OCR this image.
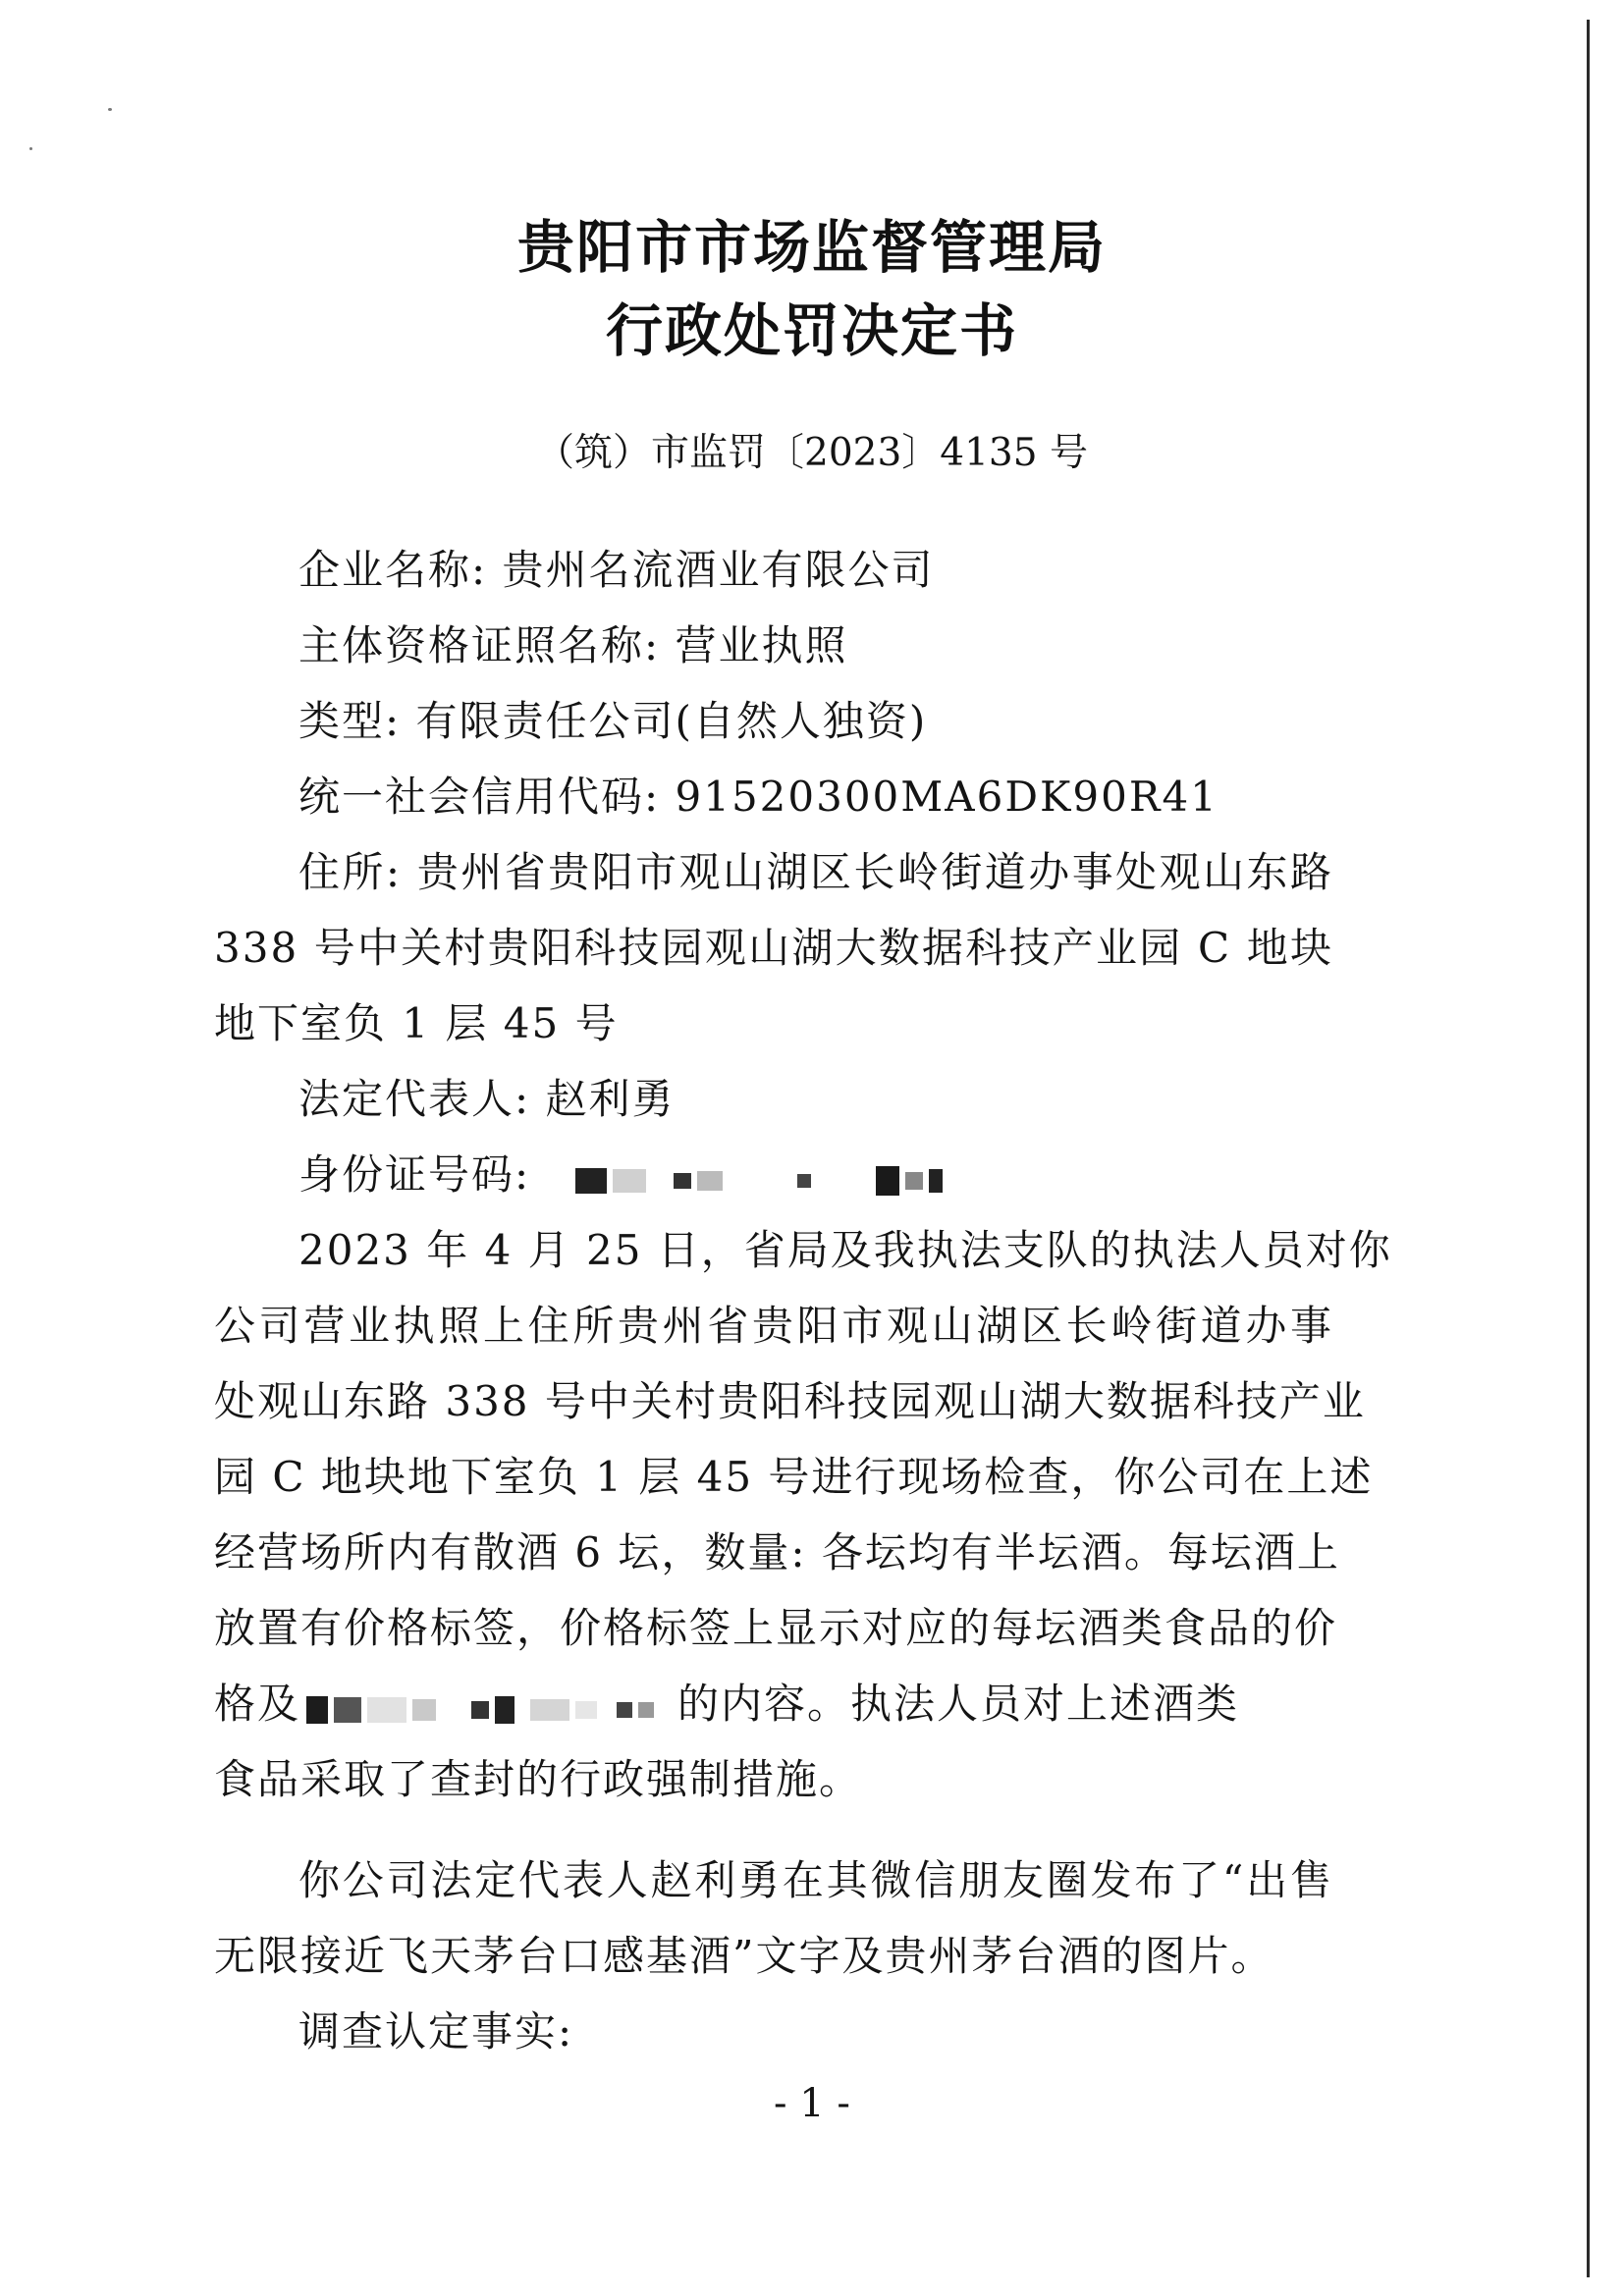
贵阳市市场监督管理局
行政处罚决定书
（筑）市监罚〔2023〕4135 号
企业名称: 贵州名流酒业有限公司
主体资格证照名称: 营业执照
类型: 有限责任公司(自然人独资)
统一社会信用代码: 91520300MA6DK90R41
住所: 贵州省贵阳市观山湖区长岭街道办事处观山东路
338 号中关村贵阳科技园观山湖大数据科技产业园 C 地块
地下室负 1 层 45 号
法定代表人: 赵利勇
身份证号码:
2023 年 4 月 25 日，省局及我执法支队的执法人员对你
公司营业执照上住所贵州省贵阳市观山湖区长岭街道办事
处观山东路 338 号中关村贵阳科技园观山湖大数据科技产业
园 C 地块地下室负 1 层 45 号进行现场检查，你公司在上述
经营场所内有散酒 6 坛，数量: 各坛均有半坛酒。每坛酒上
放置有价格标签，价格标签上显示对应的每坛酒类食品的价
格及	的内容。执法人员对上述酒类
食品采取了查封的行政强制措施。
你公司法定代表人赵利勇在其微信朋友圈发布了“出售
无限接近飞天茅台口感基酒”文字及贵州茅台酒的图片。
调查认定事实:
- 1 -
